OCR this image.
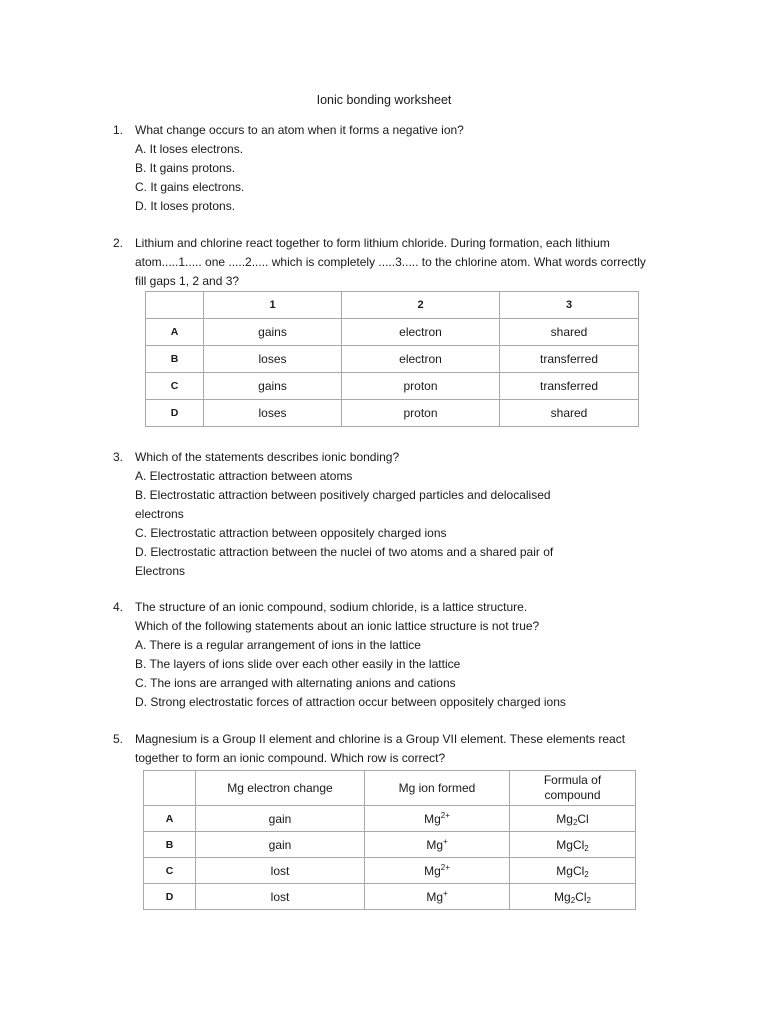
Ionic bonding worksheet
1. What change occurs to an atom when it forms a negative ion?
A. It loses electrons.
B. It gains protons.
C. It gains electrons.
D. It loses protons.
2. Lithium and chlorine react together to form lithium chloride. During formation, each lithium
atom.....1..... one .....2..... which is completely .....3..... to the chlorine atom. What words correctly
fill gaps 1, 2 and 3?
	1	2	3
A	gains	electron	shared
B	loses	electron	transferred
C	gains	proton	transferred
D	loses	proton	shared
3. Which of the statements describes ionic bonding?
A. Electrostatic attraction between atoms
B. Electrostatic attraction between positively charged particles and delocalised
electrons
C. Electrostatic attraction between oppositely charged ions
D. Electrostatic attraction between the nuclei of two atoms and a shared pair of
Electrons
4. The structure of an ionic compound, sodium chloride, is a lattice structure.
Which of the following statements about an ionic lattice structure is not true?
A. There is a regular arrangement of ions in the lattice
B. The layers of ions slide over each other easily in the lattice
C. The ions are arranged with alternating anions and cations
D. Strong electrostatic forces of attraction occur between oppositely charged ions
5. Magnesium is a Group II element and chlorine is a Group VII element. These elements react
together to form an ionic compound. Which row is correct?
	Mg electron change	Mg ion formed	Formula of compound
A	gain	$Mg^{2+}$	$Mg_2Cl$
B	gain	Mg+	MgCl$_2$
C	lost	$Mg^{2+}$	MgCl$_2$
D	lost	Mg+	$Mg_2Cl_2$
